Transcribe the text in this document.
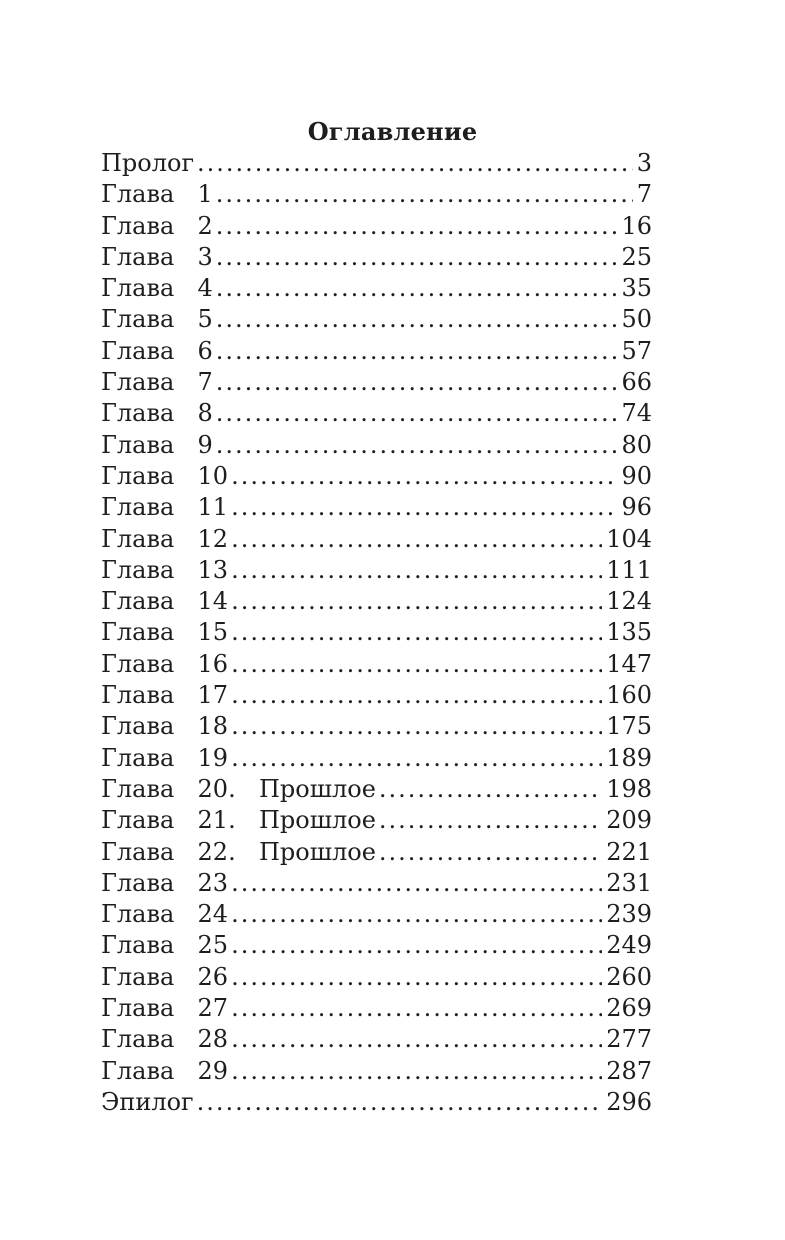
Оглавление
Пролог .....	3
Глава  1 .....	7
Глава  2 .....	16
Глава  3 .....	25
Глава  4 .....	35
Глава  5 .....	50
Глава  6 .....	57
Глава  7 .....	66
Глава  8 .....	74
Глава  9 .....	80
Глава  10 .....	90
Глава  11 .....	96
Глава  12 .....	104
Глава  13 .....	111
Глава  14 .....	124
Глава  15 .....	135
Глава  16 .....	147
Глава  17 .....	160
Глава  18 .....	175
Глава  19 .....	189
Глава  20.  Прошлое .....	198
Глава  21.  Прошлое .....	209
Глава  22.  Прошлое .....	221
Глава  23 .....	231
Глава  24 .....	239
Глава  25 .....	249
Глава  26 .....	260
Глава  27 .....	269
Глава  28 .....	277
Глава  29 .....	287
Эпилог .....	296
